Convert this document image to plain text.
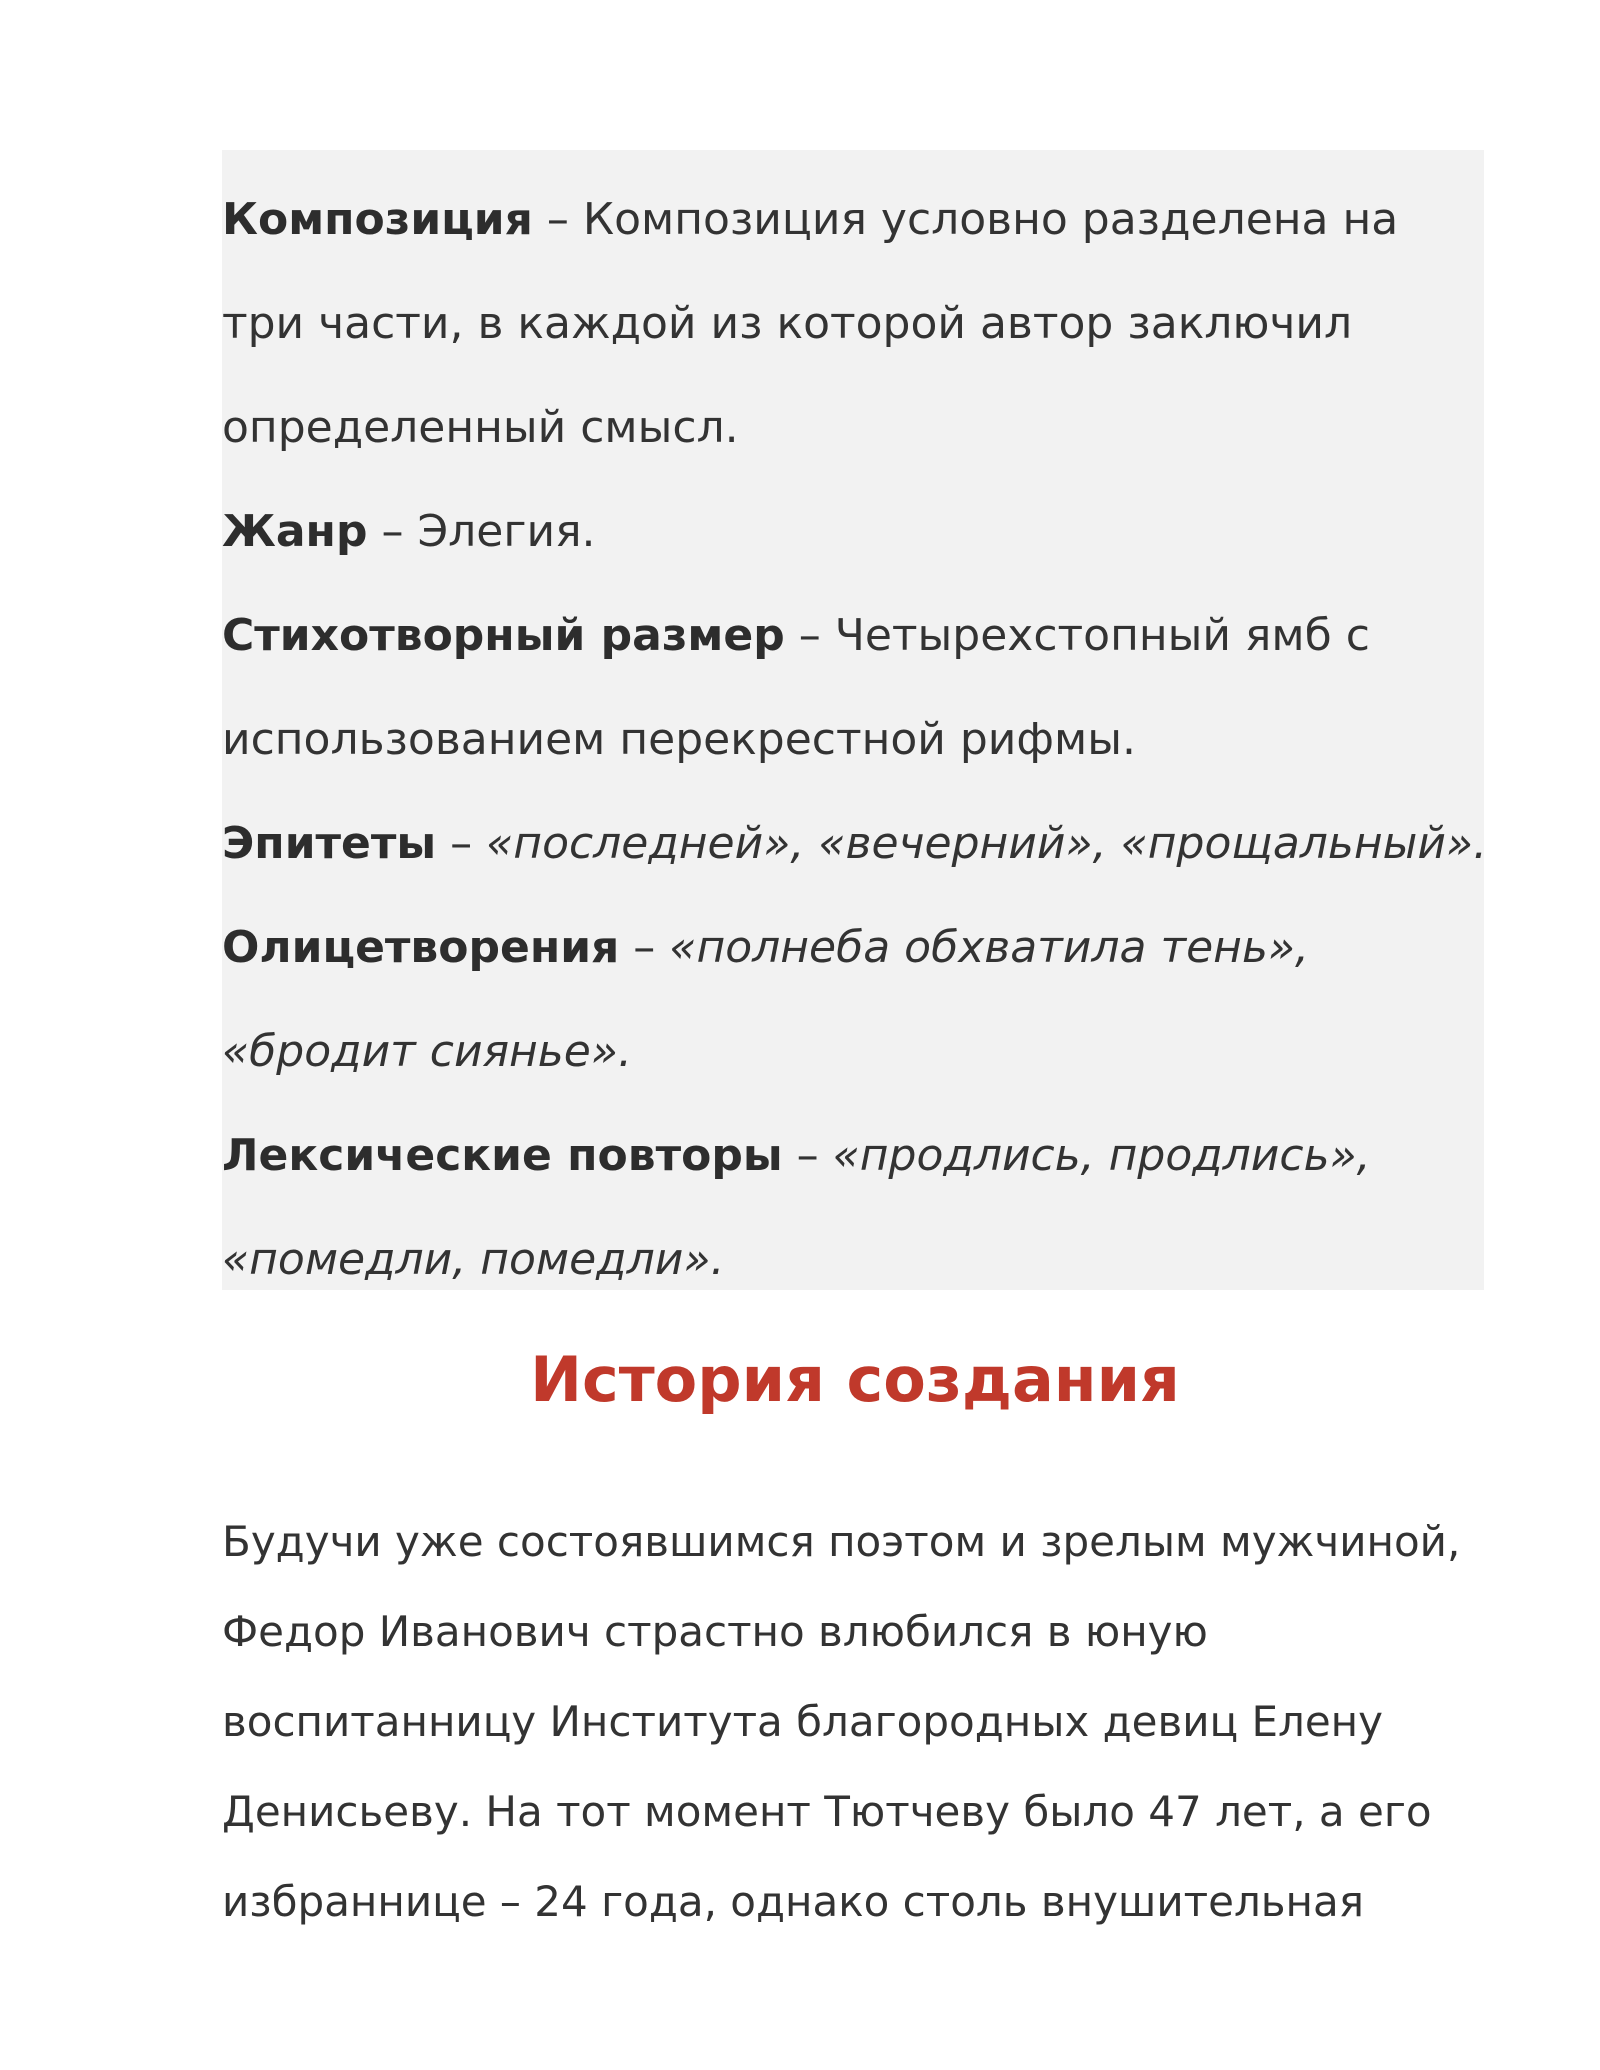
Композиция – Композиция условно разделена на
три части, в каждой из которой автор заключил
определенный смысл.
Жанр – Элегия.
Стихотворный размер – Четырехстопный ямб с
использованием перекрестной рифмы.
Эпитеты – «последней», «вечерний», «прощальный».
Олицетворения – «полнеба обхватила тень»,
«бродит сиянье».
Лексические повторы – «продлись, продлись»,
«помедли, помедли».
История создания
Будучи уже состоявшимся поэтом и зрелым мужчиной,
Федор Иванович страстно влюбился в юную
воспитанницу Института благородных девиц Елену
Денисьеву. На тот момент Тютчеву было 47 лет, а его
избраннице – 24 года, однако столь внушительная
